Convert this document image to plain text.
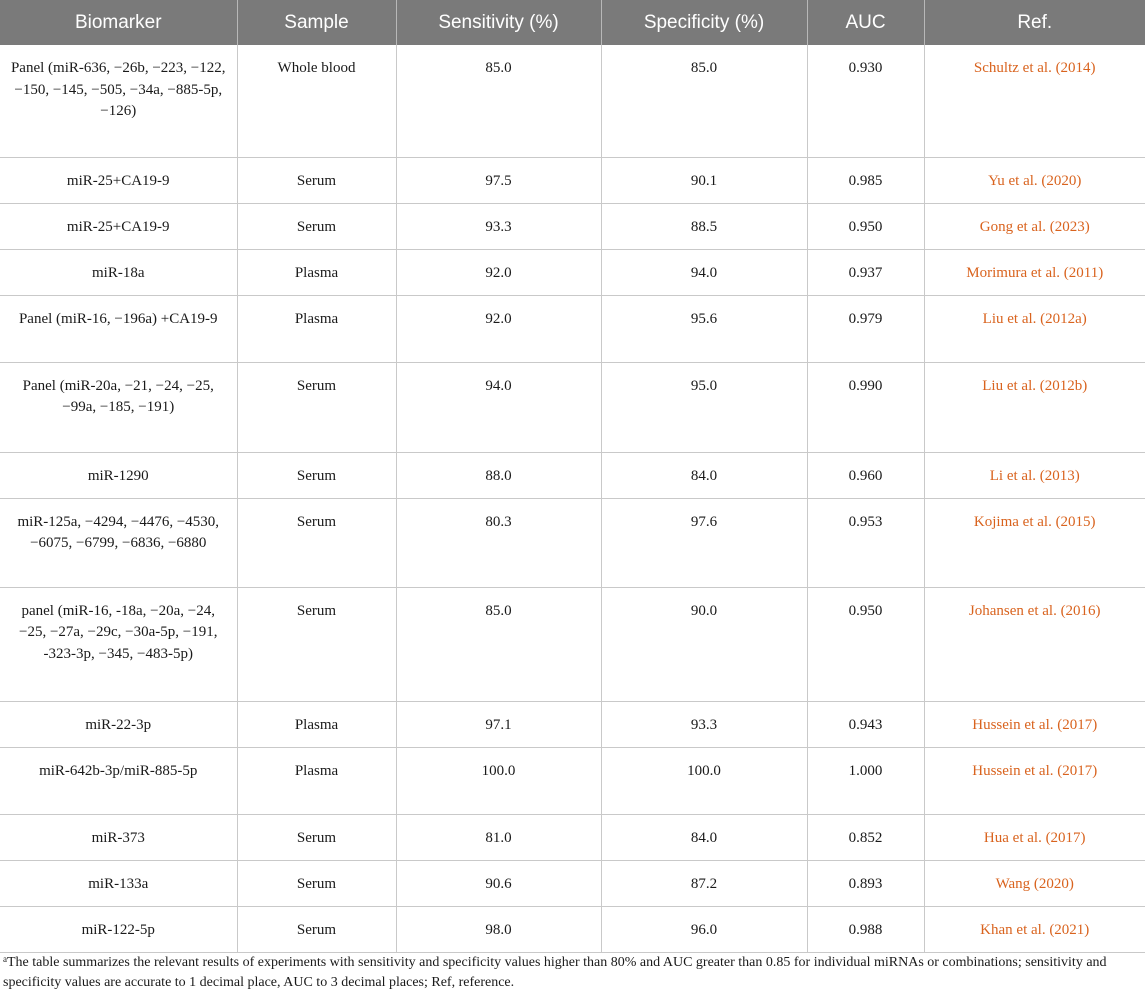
Biomarker	Sample	Sensitivity (%)	Specificity (%)	AUC	Ref.
Panel (miR-636, −26b, −223, −122, −150, −145, −505, −34a, −885-5p, −126)	Whole blood	85.0	85.0	0.930	Schultz et al. (2014)
miR-25+CA19-9	Serum	97.5	90.1	0.985	Yu et al. (2020)
miR-25+CA19-9	Serum	93.3	88.5	0.950	Gong et al. (2023)
miR-18a	Plasma	92.0	94.0	0.937	Morimura et al. (2011)
Panel (miR-16, −196a) +CA19-9	Plasma	92.0	95.6	0.979	Liu et al. (2012a)
Panel (miR-20a, −21, −24, −25, −99a, −185, −191)	Serum	94.0	95.0	0.990	Liu et al. (2012b)
miR-1290	Serum	88.0	84.0	0.960	Li et al. (2013)
miR-125a, −4294, −4476, −4530, −6075, −6799, −6836, −6880	Serum	80.3	97.6	0.953	Kojima et al. (2015)
panel (miR-16, -18a, −20a, −24, −25, −27a, −29c, −30a-5p, −191, -323-3p, −345, −483-5p)	Serum	85.0	90.0	0.950	Johansen et al. (2016)
miR-22-3p	Plasma	97.1	93.3	0.943	Hussein et al. (2017)
miR-642b-3p/miR-885-5p	Plasma	100.0	100.0	1.000	Hussein et al. (2017)
miR-373	Serum	81.0	84.0	0.852	Hua et al. (2017)
miR-133a	Serum	90.6	87.2	0.893	Wang (2020)
miR-122-5p	Serum	98.0	96.0	0.988	Khan et al. (2021)

$^a$The table summarizes the relevant results of experiments with sensitivity and specificity values higher than 80% and AUC greater than 0.85 for individual miRNAs or combinations; sensitivity and specificity values are accurate to 1 decimal place, AUC to 3 decimal places; Ref, reference.
